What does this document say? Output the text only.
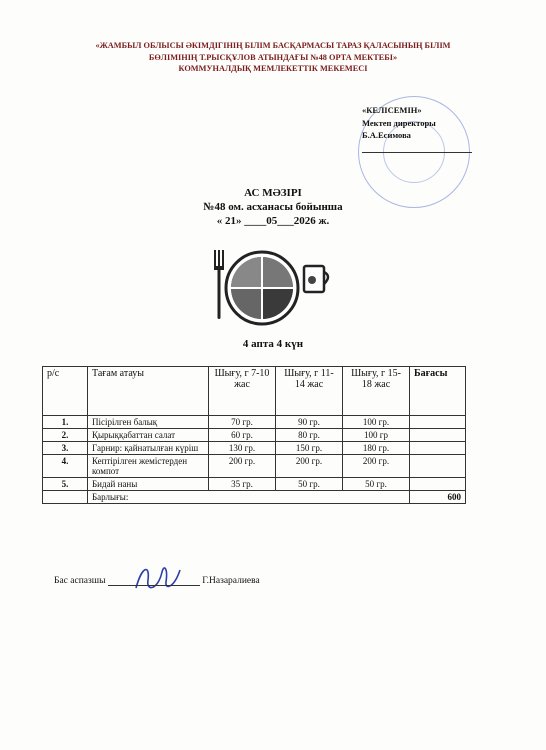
«ЖАМБЫЛ ОБЛЫСЫ ӘКІМДІГІНІҢ БІЛІМ БАСҚАРМАСЫ ТАРАЗ ҚАЛАСЫНЫҢ БІЛІМ
БӨЛІМІНІҢ Т.РЫСҚҰЛОВ АТЫНДАҒЫ №48 ОРТА МЕКТЕБІ»
КОММУНАЛДЫҚ МЕМЛЕКЕТТІК МЕКЕМЕСІ
«КЕЛІСЕМІН»
Мектеп директоры
Б.А.Есимова
АС МӘЗІРІ
№48 ом. асханасы бойынша
« 21» ____05___2026 ж.
4 апта 4 күн
р/с	Тағам атауы	Шығу, г 7-10 жас	Шығу, г 11-14 жас	Шығу, г 15-18 жас	Бағасы
1.	Пісірілген балық	70 гр.	90 гр.	100 гр.	
2.	Қырыққабаттан салат	60 гр.	80 гр.	100 гр	
3.	Гарнир: қайнатылған күріш	130 гр.	150 гр.	180 гр.	
4.	Кептірілген жемістерден компот	200 гр.	200 гр.	200 гр.	
5.	Бидай наны	35 гр.	50 гр.	50 гр.	
	Барлығы:				600
Бас аспазшы	Г.Назаралиева
